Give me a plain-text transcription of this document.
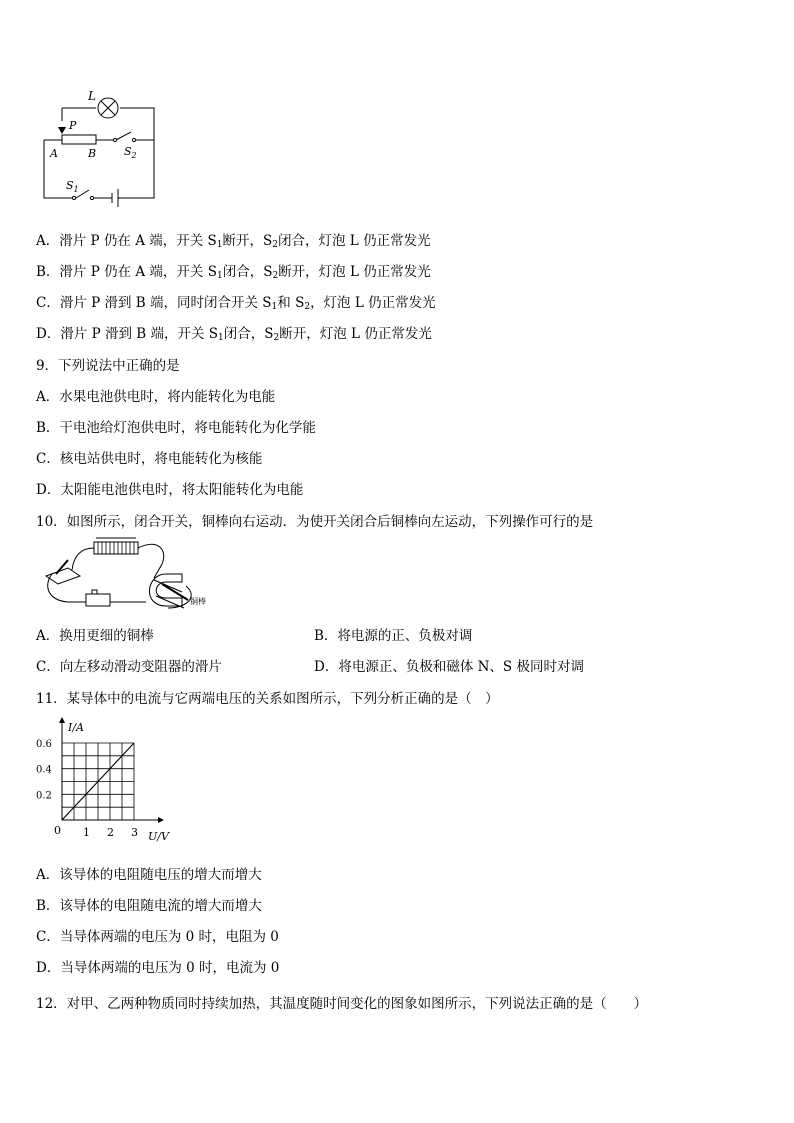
L
P
A	B	$S_2$
$S_1$
A．滑片 P 仍在 A 端，开关 $S_1$断开，$S_2$闭合，灯泡 L 仍正常发光
B．滑片 P 仍在 A 端，开关 $S_1$闭合，$S_2$断开，灯泡 L 仍正常发光
C．滑片 P 滑到 B 端，同时闭合开关 $S_1$和 $S_2$，灯泡 L 仍正常发光
D．滑片 P 滑到 B 端，开关 $S_1$闭合，$S_2$断开，灯泡 L 仍正常发光
9．下列说法中正确的是
A．水果电池供电时，将内能转化为电能
B．干电池给灯泡供电时，将电能转化为化学能
C．核电站供电时，将电能转化为核能
D．太阳能电池供电时，将太阳能转化为电能
10．如图所示，闭合开关，铜棒向右运动．为使开关闭合后铜棒向左运动，下列操作可行的是
铜棒
A．换用更细的铜棒	B．将电源的正、负极对调
C．向左移动滑动变阻器的滑片	D．将电源正、负极和磁体 N、S 极同时对调
11．某导体中的电流与它两端电压的关系如图所示，下列分析正确的是（　）
1 2 3
0.2
0.4
0.6
0	U/V
I/A
A．该导体的电阻随电压的增大而增大
B．该导体的电阻随电流的增大而增大
C．当导体两端的电压为 0 时，电阻为 0
D．当导体两端的电压为 0 时，电流为 0
12．对甲、乙两种物质同时持续加热，其温度随时间变化的图象如图所示，下列说法正确的是（　　）
